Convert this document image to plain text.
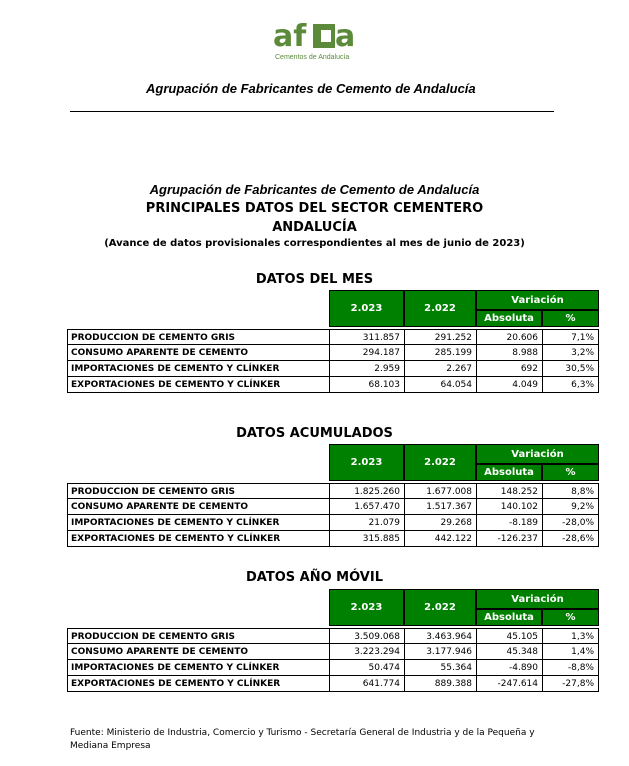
af a
Cementos de Andalucía
Agrupación de Fabricantes de Cemento de Andalucía
Agrupación de Fabricantes de Cemento de Andalucía
PRINCIPALES DATOS DEL SECTOR CEMENTERO
ANDALUCÍA
(Avance de datos provisionales correspondientes al mes de junio de 2023)
DATOS DEL MES
2.023	2.022
Variación
Absoluta	%
PRODUCCION DE CEMENTO GRIS	311.857	291.252	20.606	7,1%
CONSUMO APARENTE DE CEMENTO	294.187	285.199	8.988	3,2%
IMPORTACIONES DE CEMENTO Y CLÍNKER	2.959	2.267	692	30,5%
EXPORTACIONES DE CEMENTO Y CLÍNKER	68.103	64.054	4.049	6,3%
DATOS ACUMULADOS
2.023	2.022
Variación
Absoluta	%
PRODUCCION DE CEMENTO GRIS	1.825.260	1.677.008	148.252	8,8%
CONSUMO APARENTE DE CEMENTO	1.657.470	1.517.367	140.102	9,2%
IMPORTACIONES DE CEMENTO Y CLÍNKER	21.079	29.268	-8.189	-28,0%
EXPORTACIONES DE CEMENTO Y CLÍNKER	315.885	442.122	-126.237	-28,6%
DATOS AÑO MÓVIL
2.023	2.022
Variación
Absoluta	%
PRODUCCION DE CEMENTO GRIS	3.509.068	3.463.964	45.105	1,3%
CONSUMO APARENTE DE CEMENTO	3.223.294	3.177.946	45.348	1,4%
IMPORTACIONES DE CEMENTO Y CLÍNKER	50.474	55.364	-4.890	-8,8%
EXPORTACIONES DE CEMENTO Y CLÍNKER	641.774	889.388	-247.614	-27,8%
Fuente: Ministerio de Industria, Comercio y Turismo - Secretaría General de Industria y de la Pequeña y Mediana Empresa
